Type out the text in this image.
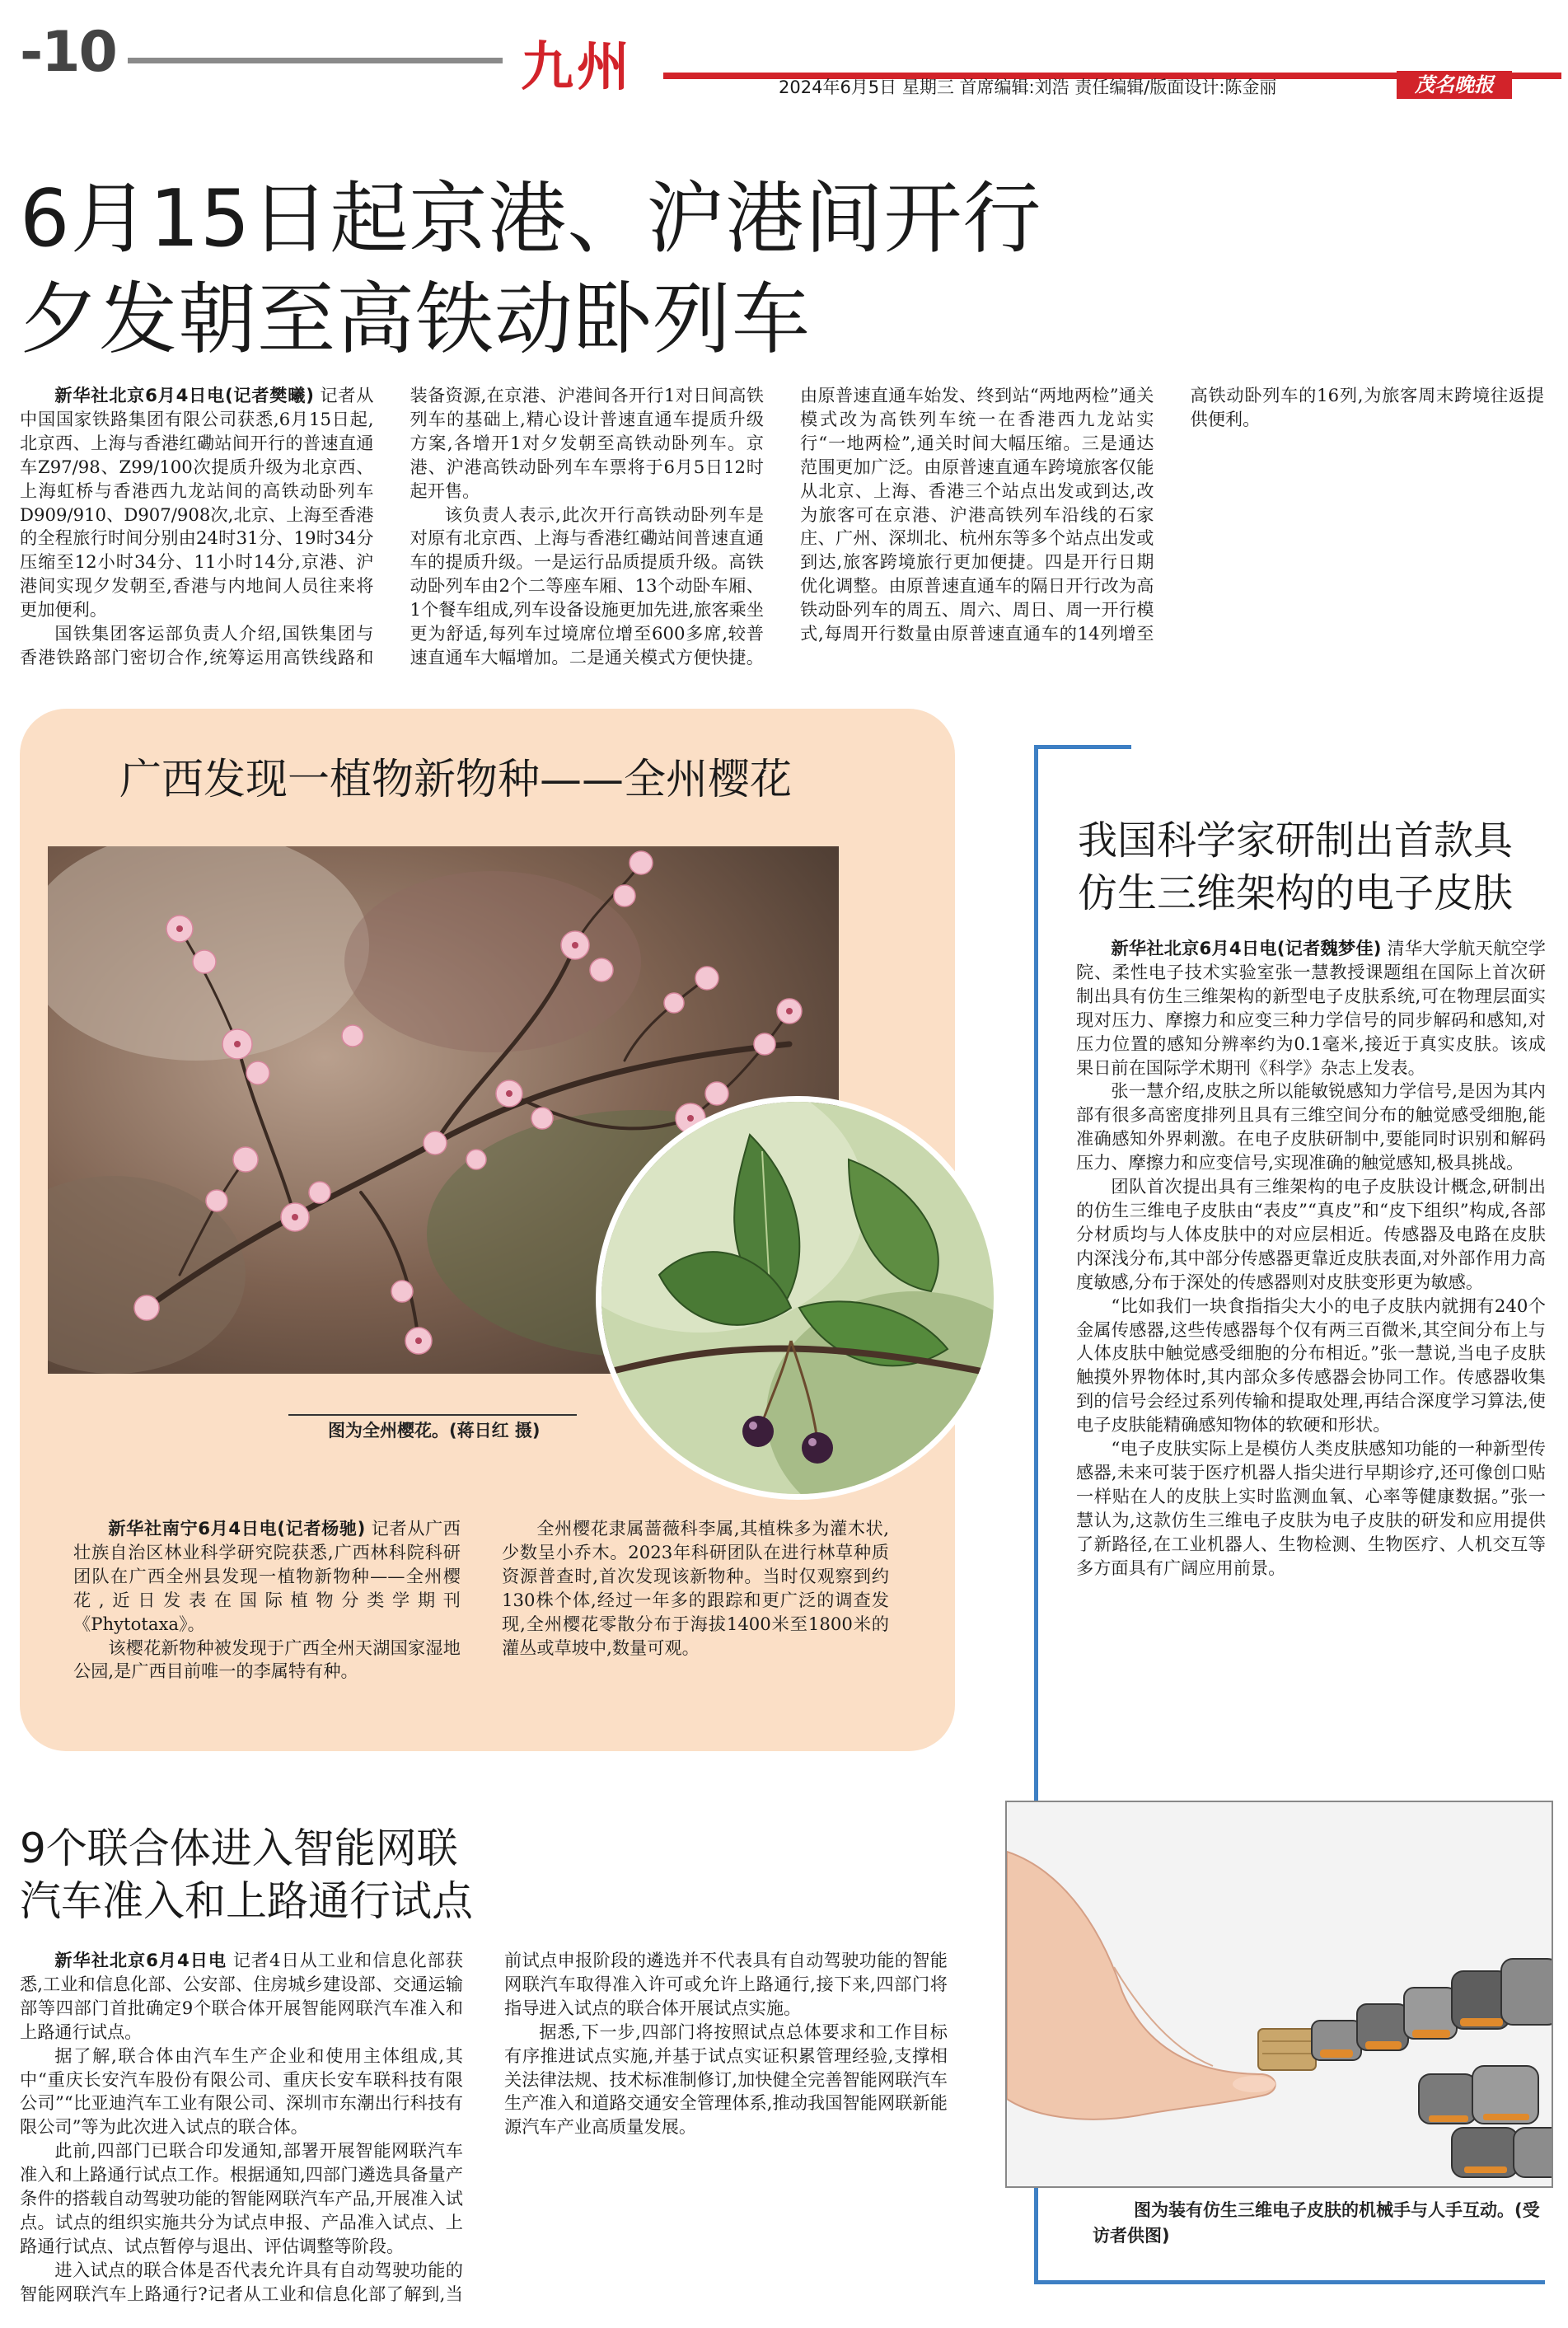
-10	九州	2024年6月5日 星期三 首席编辑:刘浩 责任编辑/版面设计:陈金丽	茂名晚报
6月15日起京港、沪港间开行
夕发朝至高铁动卧列车

新华社北京6月4日电(记者樊曦) 记者从中国国家铁路集团有限公司获悉,6月15日起,北京西、上海与香港红磡站间开行的普速直通车Z97/98、Z99/100次提质升级为北京西、上海虹桥与香港西九龙站间的高铁动卧列车D909/910、D907/908次,北京、上海至香港的全程旅行时间分别由24时31分、19时34分压缩至12小时34分、11小时14分,京港、沪港间实现夕发朝至,香港与内地间人员往来将更加便利。

国铁集团客运部负责人介绍,国铁集团与香港铁路部门密切合作,统筹运用高铁线路和装备资源,在京港、沪港间各开行1对日间高铁列车的基础上,精心设计普速直通车提质升级方案,各增开1对夕发朝至高铁动卧列车。京港、沪港高铁动卧列车车票将于6月5日12时起开售。

该负责人表示,此次开行高铁动卧列车是对原有北京西、上海与香港红磡站间普速直通车的提质升级。一是运行品质提质升级。高铁动卧列车由2个二等座车厢、13个动卧车厢、1个餐车组成,列车设备设施更加先进,旅客乘坐更为舒适,每列车过境席位增至600多席,较普速直通车大幅增加。二是通关模式方便快捷。由原普速直通车始发、终到站“两地两检”通关模式改为高铁列车统一在香港西九龙站实行“一地两检”,通关时间大幅压缩。三是通达范围更加广泛。由原普速直通车跨境旅客仅能从北京、上海、香港三个站点出发或到达,改为旅客可在京港、沪港高铁列车沿线的石家庄、广州、深圳北、杭州东等多个站点出发或到达,旅客跨境旅行更加便捷。四是开行日期优化调整。由原普速直通车的隔日开行改为高铁动卧列车的周五、周六、周日、周一开行模式,每周开行数量由原普速直通车的14列增至高铁动卧列车的16列,为旅客周末跨境往返提供便利。

广西发现一植物新物种——全州樱花
图为全州樱花。(蒋日红 摄)

新华社南宁6月4日电(记者杨驰) 记者从广西壮族自治区林业科学研究院获悉,广西林科院科研团队在广西全州县发现一植物新物种——全州樱花,近日发表在国际植物分类学期刊《Phytotaxa》。

该樱花新物种被发现于广西全州天湖国家湿地公园,是广西目前唯一的李属特有种。

全州樱花隶属蔷薇科李属,其植株多为灌木状,少数呈小乔木。2023年科研团队在进行林草种质资源普查时,首次发现该新物种。当时仅观察到约130株个体,经过一年多的跟踪和更广泛的调查发现,全州樱花零散分布于海拔1400米至1800米的灌丛或草坡中,数量可观。

我国科学家研制出首款具
仿生三维架构的电子皮肤

新华社北京6月4日电(记者魏梦佳) 清华大学航天航空学院、柔性电子技术实验室张一慧教授课题组在国际上首次研制出具有仿生三维架构的新型电子皮肤系统,可在物理层面实现对压力、摩擦力和应变三种力学信号的同步解码和感知,对压力位置的感知分辨率约为0.1毫米,接近于真实皮肤。该成果日前在国际学术期刊《科学》杂志上发表。

张一慧介绍,皮肤之所以能敏锐感知力学信号,是因为其内部有很多高密度排列且具有三维空间分布的触觉感受细胞,能准确感知外界刺激。在电子皮肤研制中,要能同时识别和解码压力、摩擦力和应变信号,实现准确的触觉感知,极具挑战。

团队首次提出具有三维架构的电子皮肤设计概念,研制出的仿生三维电子皮肤由“表皮”“真皮”和“皮下组织”构成,各部分材质均与人体皮肤中的对应层相近。传感器及电路在皮肤内深浅分布,其中部分传感器更靠近皮肤表面,对外部作用力高度敏感,分布于深处的传感器则对皮肤变形更为敏感。

“比如我们一块食指指尖大小的电子皮肤内就拥有240个金属传感器,这些传感器每个仅有两三百微米,其空间分布上与人体皮肤中触觉感受细胞的分布相近。”张一慧说,当电子皮肤触摸外界物体时,其内部众多传感器会协同工作。传感器收集到的信号会经过系列传输和提取处理,再结合深度学习算法,使电子皮肤能精确感知物体的软硬和形状。

“电子皮肤实际上是模仿人类皮肤感知功能的一种新型传感器,未来可装于医疗机器人指尖进行早期诊疗,还可像创口贴一样贴在人的皮肤上实时监测血氧、心率等健康数据。”张一慧认为,这款仿生三维电子皮肤为电子皮肤的研发和应用提供了新路径,在工业机器人、生物检测、生物医疗、人机交互等多方面具有广阔应用前景。

图为装有仿生三维电子皮肤的机械手与人手互动。(受访者供图)
9个联合体进入智能网联
汽车准入和上路通行试点

新华社北京6月4日电 记者4日从工业和信息化部获悉,工业和信息化部、公安部、住房城乡建设部、交通运输部等四部门首批确定9个联合体开展智能网联汽车准入和上路通行试点。

据了解,联合体由汽车生产企业和使用主体组成,其中“重庆长安汽车股份有限公司、重庆长安车联科技有限公司”“比亚迪汽车工业有限公司、深圳市东潮出行科技有限公司”等为此次进入试点的联合体。

此前,四部门已联合印发通知,部署开展智能网联汽车准入和上路通行试点工作。根据通知,四部门遴选具备量产条件的搭载自动驾驶功能的智能网联汽车产品,开展准入试点。试点的组织实施共分为试点申报、产品准入试点、上路通行试点、试点暂停与退出、评估调整等阶段。

进入试点的联合体是否代表允许具有自动驾驶功能的智能网联汽车上路通行?记者从工业和信息化部了解到,当前试点申报阶段的遴选并不代表具有自动驾驶功能的智能网联汽车取得准入许可或允许上路通行,接下来,四部门将指导进入试点的联合体开展试点实施。

据悉,下一步,四部门将按照试点总体要求和工作目标有序推进试点实施,并基于试点实证积累管理经验,支撑相关法律法规、技术标准制修订,加快健全完善智能网联汽车生产准入和道路交通安全管理体系,推动我国智能网联新能源汽车产业高质量发展。
